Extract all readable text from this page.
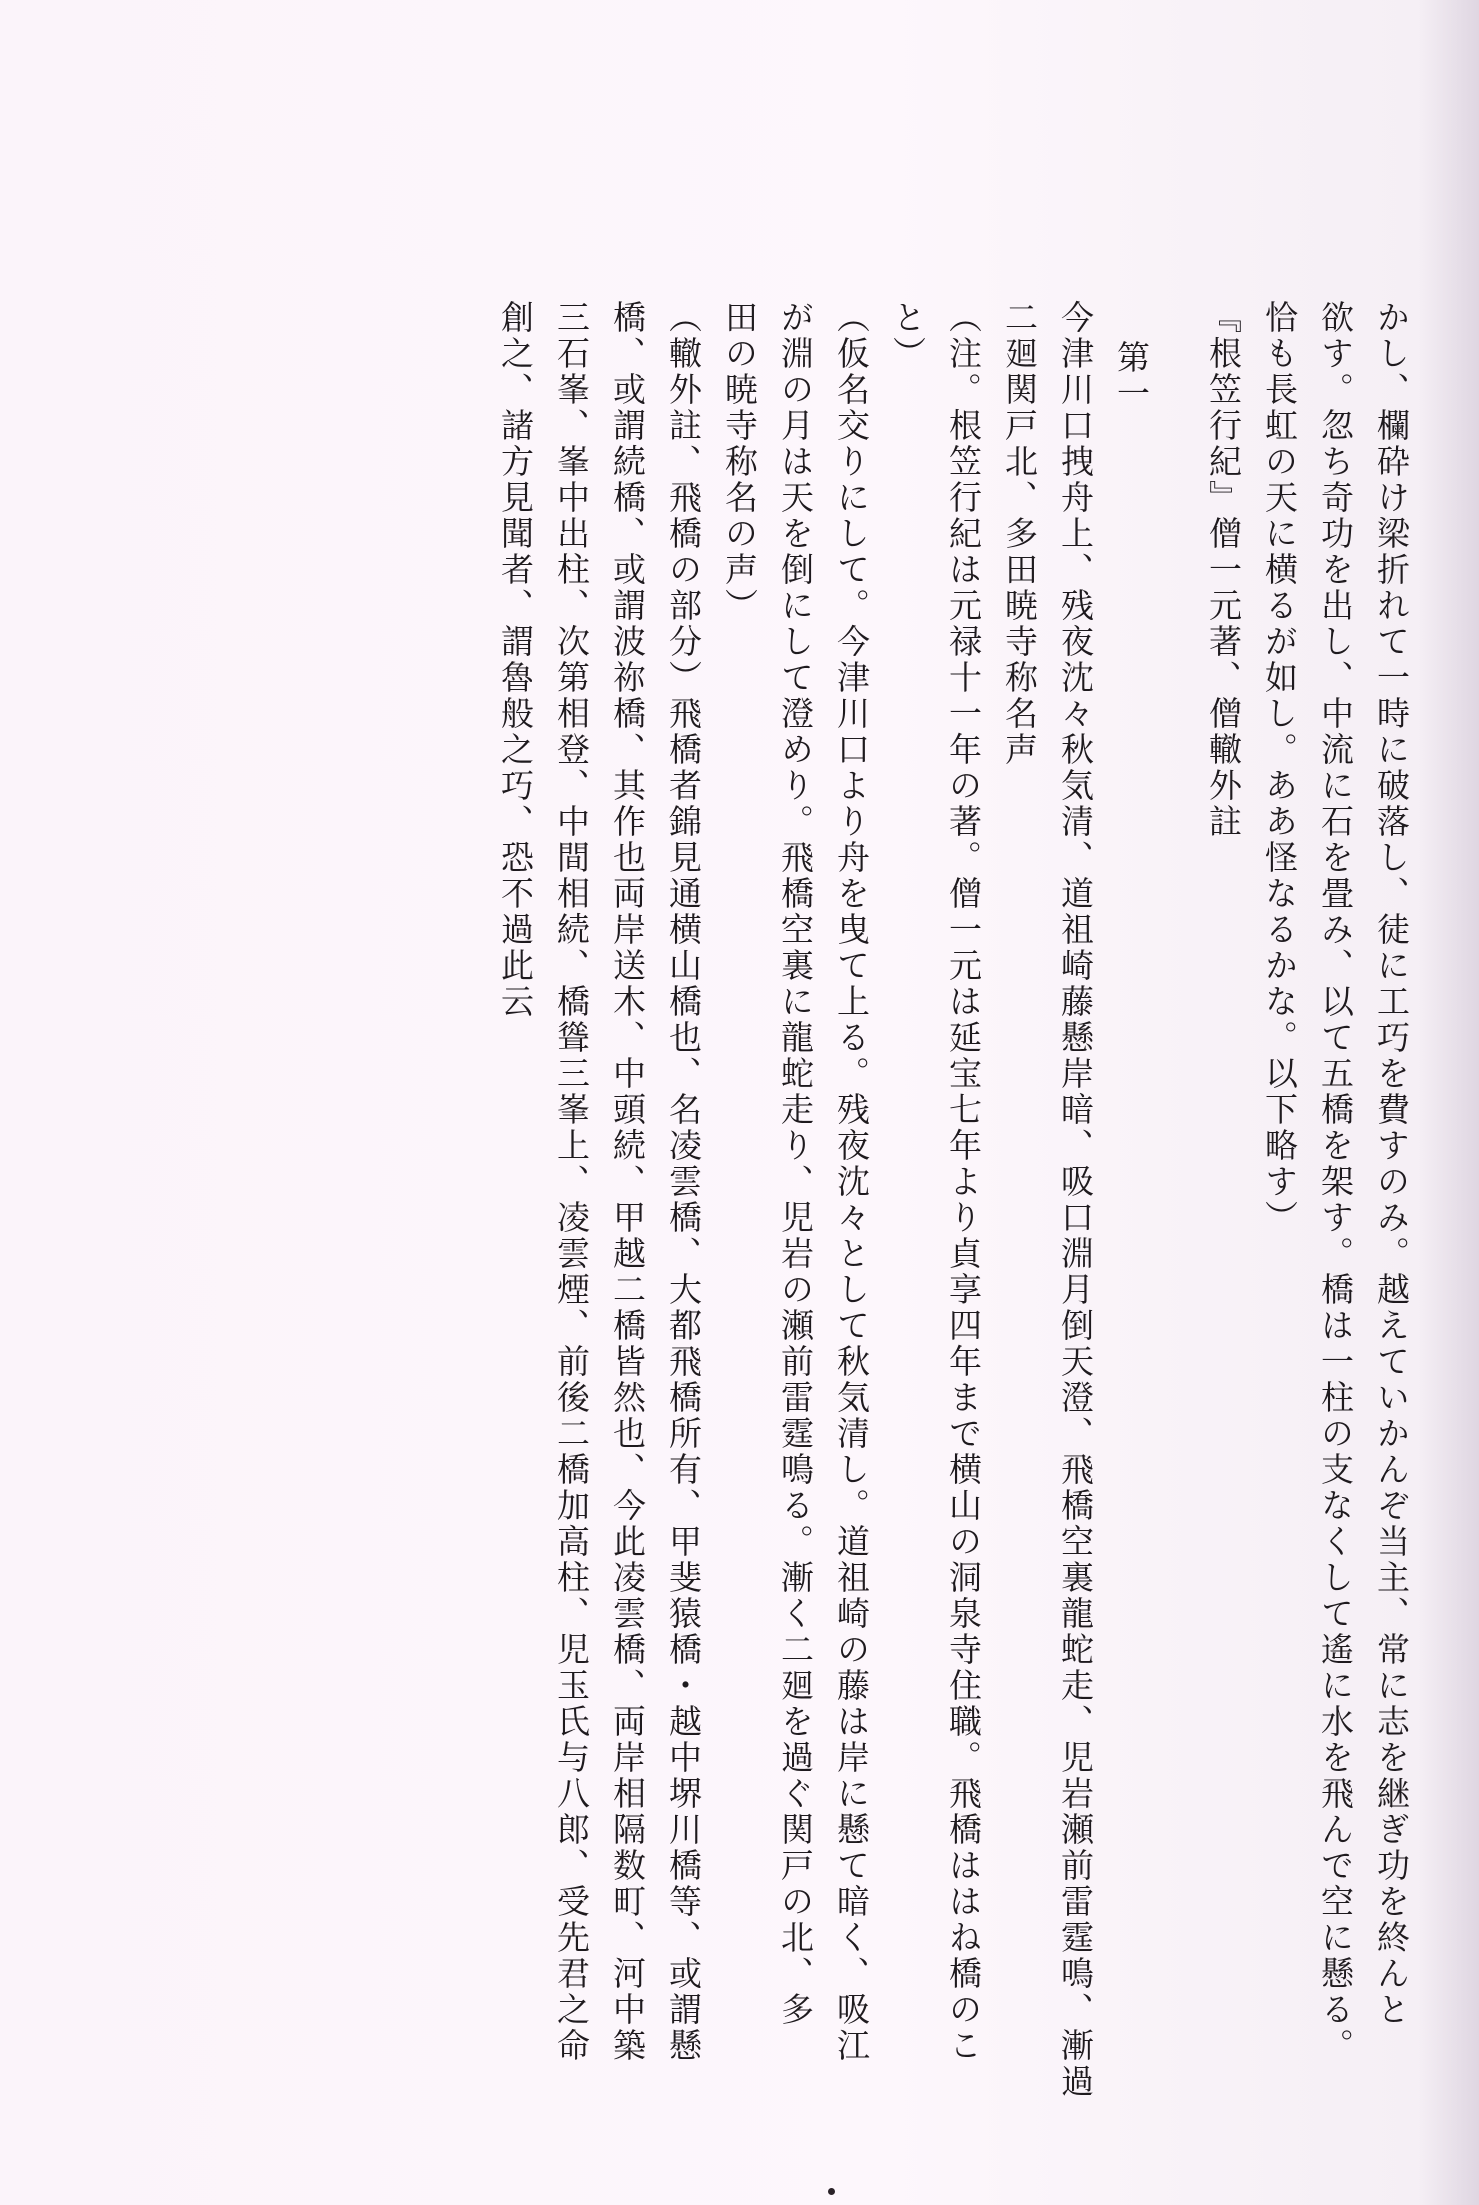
かし、欄砕け梁折れて一時に破落し、徒に工巧を費すのみ。越えていかんぞ当主、常に志を継ぎ功を終んと
欲す。忽ち奇功を出し、中流に石を畳み、以て五橋を架す。橋は一柱の支なくして遙に水を飛んで空に懸る。
恰も長虹の天に横るが如し。ああ怪なるかな。以下略す）
『根笠行紀』僧一元著、僧轍外註
第一
今津川口拽舟上、残夜沈々秋気清、道祖崎藤懸岸暗、吸口淵月倒天澄、飛橋空裏龍蛇走、児岩瀬前雷霆鳴、漸過
二廻関戸北、多田暁寺称名声
（注。根笠行紀は元禄十一年の著。僧一元は延宝七年より貞享四年まで横山の洞泉寺住職。飛橋ははね橋のこ
と）
（仮名交りにして。今津川口より舟を曳て上る。残夜沈々として秋気清し。道祖崎の藤は岸に懸て暗く、吸江
が淵の月は天を倒にして澄めり。飛橋空裏に龍蛇走り、児岩の瀬前雷霆鳴る。漸く二廻を過ぐ関戸の北、多
田の暁寺称名の声）
（轍外註、飛橋の部分）飛橋者錦見通横山橋也、名凌雲橋、大都飛橋所有、甲斐猿橋・越中堺川橋等、或謂懸
橋、或謂続橋、或謂波祢橋、其作也両岸送木、中頭続、甲越二橋皆然也、今此凌雲橋、両岸相隔数町、河中築
三石峯、峯中出柱、次第相登、中間相続、橋聳三峯上、凌雲煙、前後二橋加高柱、児玉氏与八郎、受先君之命
創之、諸方見聞者、謂魯般之巧、恐不過此云
